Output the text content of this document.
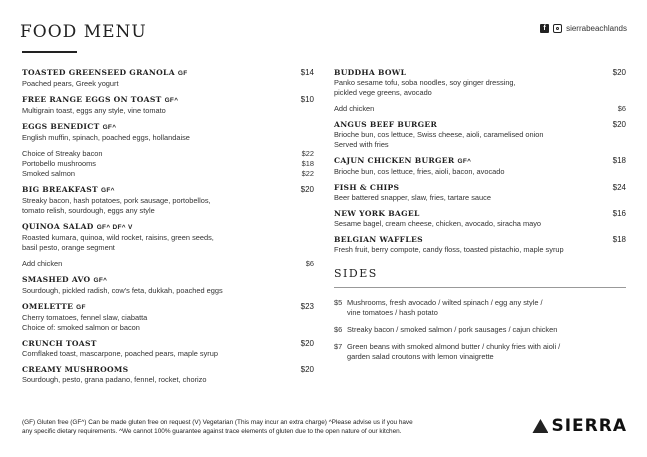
FOOD MENU	f	sierrabeachlands
TOASTED GREENSEED GRANOLA GF	$14
Poached pears, Greek yogurt
FREE RANGE EGGS ON TOAST GF^	$10
Multigrain toast, eggs any style, vine tomato
EGGS BENEDICT GF^
English muffin, spinach, poached eggs, hollandaise
Choice of Streaky bacon	$22
Portobello mushrooms	$18
Smoked salmon	$22
BIG BREAKFAST GF^	$20
Streaky bacon, hash potatoes, pork sausage, portobellos,
tomato relish, sourdough, eggs any style
QUINOA SALAD GF^ DF^ V
Roasted kumara, quinoa, wild rocket, raisins, green seeds,
basil pesto, orange segment
Add chicken	$6
SMASHED AVO GF^
Sourdough, pickled radish, cow's feta, dukkah, poached eggs
OMELETTE GF	$23
Cherry tomatoes, fennel slaw, ciabatta
Choice of: smoked salmon or bacon
CRUNCH TOAST	$20
Cornflaked toast, mascarpone, poached pears, maple syrup
CREAMY MUSHROOMS	$20
Sourdough, pesto, grana padano, fennel, rocket, chorizo
BUDDHA BOWL	$20
Panko sesame tofu, soba noodles, soy ginger dressing,
pickled vege greens, avocado
Add chicken	$6
ANGUS BEEF BURGER	$20
Brioche bun, cos lettuce, Swiss cheese, aioli, caramelised onion
Served with fries
CAJUN CHICKEN BURGER GF^	$18
Brioche bun, cos lettuce, fries, aioli, bacon, avocado
FISH & CHIPS	$24
Beer battered snapper, slaw, fries, tartare sauce
NEW YORK BAGEL	$16
Sesame bagel, cream cheese, chicken, avocado, siracha mayo
BELGIAN WAFFLES	$18
Fresh fruit, berry compote, candy floss, toasted pistachio, maple syrup
SIDES
$5 Mushrooms, fresh avocado / wilted spinach / egg any style /
vine tomatoes / hash potato
$6 Streaky bacon / smoked salmon / pork sausages / cajun chicken
$7 Green beans with smoked almond butter / chunky fries with aioli /
garden salad croutons with lemon vinaigrette
(GF) Gluten free (GF^) Can be made gluten free on request (V) Vegetarian (This may incur an extra charge) ^Please advise us if you have
any specific dietary requirements. ^We cannot 100% guarantee against trace elements of gluten due to the open nature of our kitchen.	SIERRA
